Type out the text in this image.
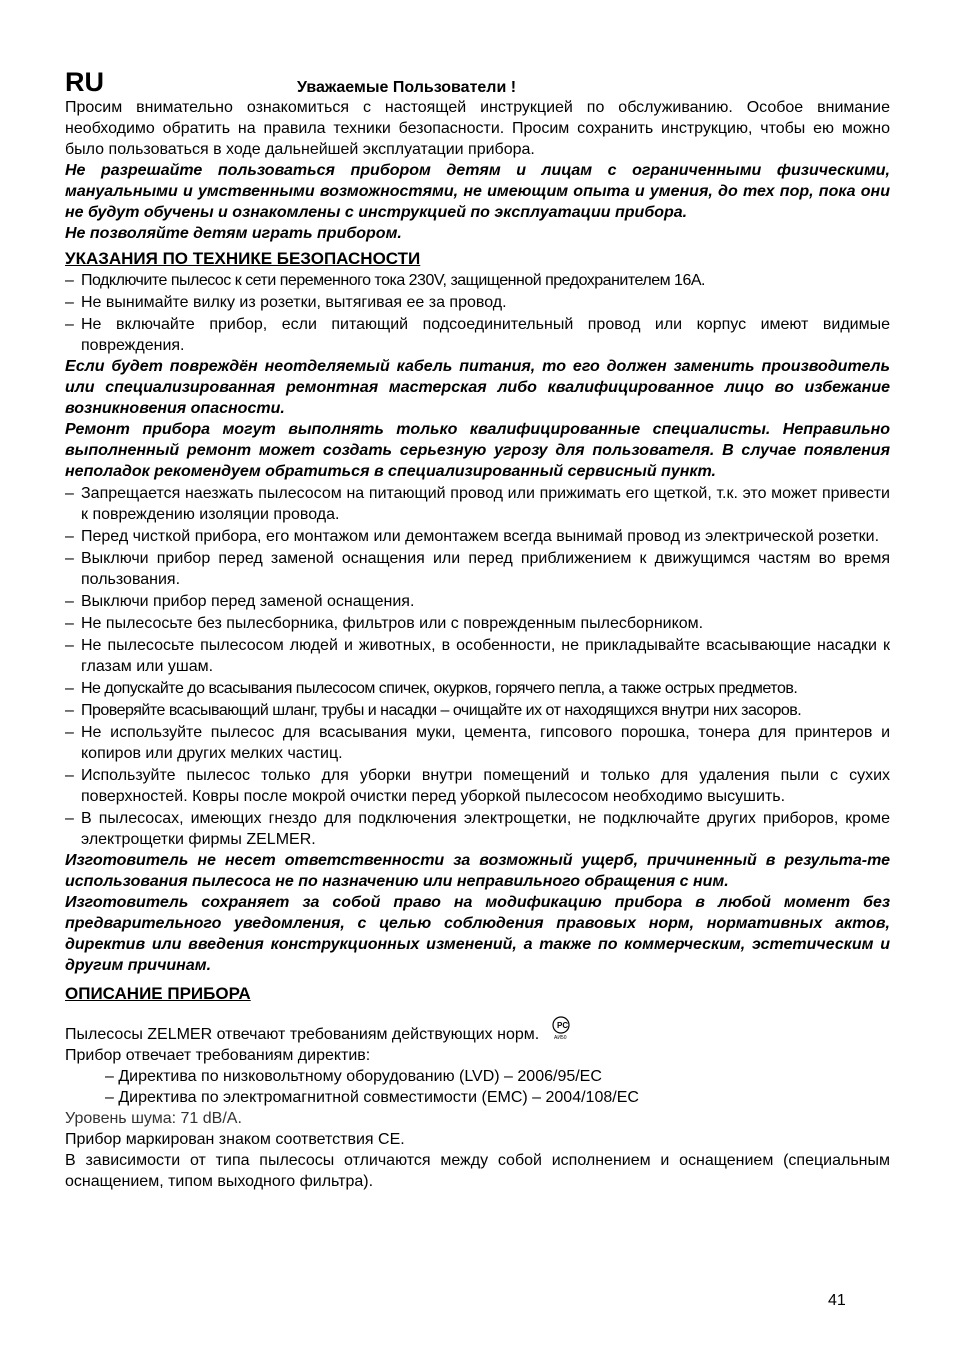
RU	Уважаемые Пользователи !

Просим внимательно ознакомиться с настоящей инструкцией по обслуживанию. Особое внимание необходимо обратить на правила техники безопасности. Просим сохранить инструкцию, чтобы ею можно было пользоваться в ходе дальнейшей эксплуатации прибора.

Не разрешайте пользоваться прибором детям и лицам с ограниченными физическими, мануальными и умственными возможностями, не имеющим опыта и умения, до тех пор, пока они не будут обучены и ознакомлены с инструкцией по эксплуатации прибора.

Не позволяйте детям играть прибором.

УКАЗАНИЯ ПО ТЕХНИКЕ БЕЗОПАСНОСТИ
– Подключите пылесос к сети переменного тока 230V, защищенной предохранителем 16А.
– Не вынимайте вилку из розетки, вытягивая ее за провод.
– Не включайте прибор, если питающий подсоединительный провод или корпус имеют видимые повреждения.

Если будет повреждён неотделяемый кабель питания, то его должен заменить производитель или специализированная ремонтная мастерская либо квалифицированное лицо во избежание возникновения опасности.

Ремонт прибора могут выполнять только квалифицированные специалисты. Неправильно выполненный ремонт может создать серьезную угрозу для пользователя. В случае появления неполадок рекомендуем обратиться в специализированный сервисный пункт.

– Запрещается наезжать пылесосом на питающий провод или прижимать его щеткой, т.к. это может привести к повреждению изоляции провода.
– Перед чисткой прибора, его монтажом или демонтажем всегда вынимай провод из электрической розетки.
– Выключи прибор перед заменой оснащения или перед приближением к движущимся частям во время пользования.
– Выключи прибор перед заменой оснащения.
– Не пылесосьте без пылесборника, фильтров или с поврежденным пылесборником.
– Не пылесосьте пылесосом людей и животных, в особенности, не прикладывайте всасывающие насадки к глазам или ушам.
– Не допускайте до всасывания пылесосом спичек, окурков, горячего пепла, а также острых предметов.
– Проверяйте всасывающий шланг, трубы и насадки – очищайте их от находящихся внутри них засоров.
– Не используйте пылесос для всасывания муки, цемента, гипсового порошка, тонера для принтеров и копиров или других мелких частиц.
– Используйте пылесос только для уборки внутри помещений и только для удаления пыли с сухих поверхностей. Ковры после мокрой очистки перед уборкой пылесосом необходимо высушить.
– В пылесосах, имеющих гнездо для подключения электрощетки, не подключайте других приборов, кроме электрощетки фирмы ZELMER.

Изготовитель не несет ответственности за возможный ущерб, причиненный в результа-те использования пылесоса не по назначению или неправильного обращения с ним.

Изготовитель сохраняет за собой право на модификацию прибора в любой момент без предварительного уведомления, с целью соблюдения правовых норм, нормативных актов, директив или введения конструкционных изменений, а также по коммерческим, эстетическим и другим причинам.

ОПИСАНИЕ ПРИБОРА

Пылесосы ZELMER отвечают требованиям действующих норм.
PC
АИ50

Прибор отвечает требованиям директив:

– Директива по низковольтному оборудованию (LVD) – 2006/95/EC

– Директива по электромагнитной совместимости (EMC) – 2004/108/EC

Уровень шума: 71 dB/A.

Прибор маркирован знаком соответствия CE.

В зависимости от типа пылесосы отличаются между собой исполнением и оснащением (специальным оснащением, типом выходного фильтра).

41
